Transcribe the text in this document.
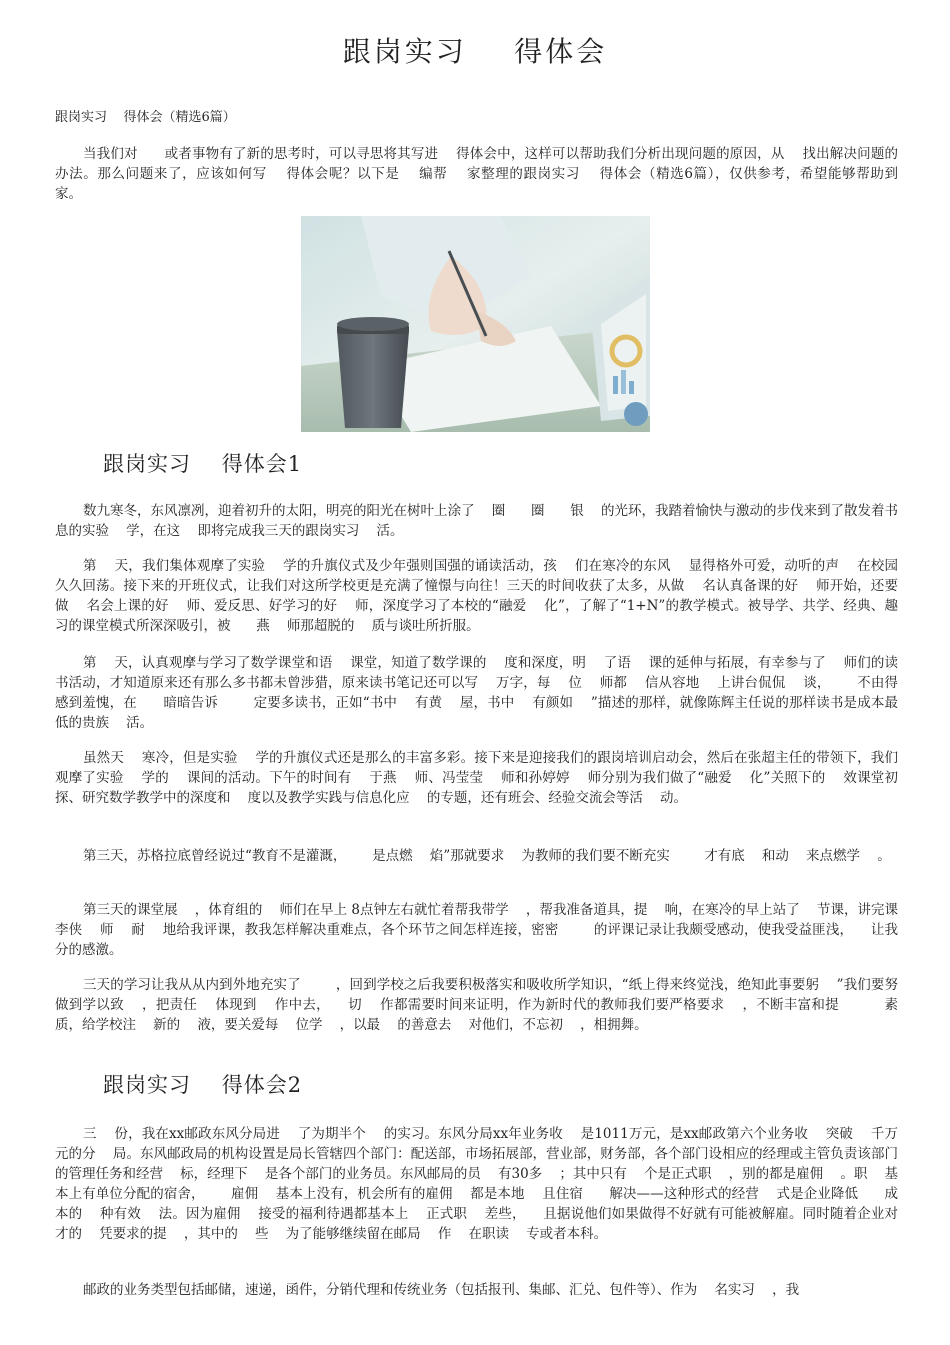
跟岗实习    得体会

跟岗实习    得体会（精选6篇）

当我们对      或者事物有了新的思考时，可以寻思将其写进    得体会中，这样可以帮助我们分析出现问题的原因，从    找出解决问题的办法。那么问题来了，应该如何写    得体会呢？以下是    编帮    家整理的跟岗实习    得体会（精选6篇），仅供参考，希望能够帮助到    家。

跟岗实习    得体会1

数九寒冬，东风凛冽，迎着初升的太阳，明亮的阳光在树叶上涂了    圈      圈      银    的光环，我踏着愉快与激动的步伐来到了散发着书      息的实验    学，在这    即将完成我三天的跟岗实习    活。

第    天，我们集体观摩了实验    学的升旗仪式及少年强则国强的诵读活动，孩    们在寒冷的东风    显得格外可爱，动听的声    在校园    久久回荡。接下来的开班仪式，让我们对这所学校更是充满了憧憬与向往！三天的时间收获了太多，从做    名认真备课的好    师开始，还要做    名会上课的好    师、爱反思、好学习的好    师，深度学习了本校的“融爱    化”，了解了“1+N”的教学模式。被导学、共学、经典、趣习的课堂模式所深深吸引，被      燕    师那超脱的    质与谈吐所折服。

第    天，认真观摩与学习了数学课堂和语    课堂，知道了数学课的    度和深度，明    了语    课的延伸与拓展，有幸参与了    师们的读书活动，才知道原来还有那么多书都未曾涉猎，原来读书笔记还可以写    万字，每    位    师都    信从容地    上讲台侃侃    谈，      不由得感到羞愧，在      暗暗告诉        定要多读书，正如“书中    有黄    屋，书中    有颜如    ”描述的那样，就像陈辉主任说的那样读书是成本最低的贵族    活。

虽然天    寒冷，但是实验    学的升旗仪式还是那么的丰富多彩。接下来是迎接我们的跟岗培训启动会，然后在张超主任的带领下，我们观摩了实验    学的    课间的活动。下午的时间有    于燕    师、冯莹莹    师和孙婷婷    师分别为我们做了“融爱    化”关照下的    效课堂初探、研究数学教学中的深度和    度以及教学实践与信息化应    的专题，还有班会、经验交流会等活    动。

第三天，苏格拉底曾经说过“教育不是灌溉，      是点燃    焰”那就要求    为教师的我们要不断充实        才有底    和动    来点燃学    。

第三天的课堂展    ，体育组的    师们在早上 8点钟左右就忙着帮我带学    ，帮我准备道具，提    响，在寒冷的早上站了    节课，讲完课李侠    师    耐    地给我评课，教我怎样解决重难点，各个环节之间怎样连接，密密        的评课记录让我颇受感动，使我受益匪浅，    让我    分的感激。

三天的学习让我从从内到外地充实了        ，回到学校之后我要积极落实和吸收所学知识，“纸上得来终觉浅，绝知此事要躬    ”我们要努    做到学以致    ，把责任    体现到    作中去，    切    作都需要时间来证明，作为新时代的教师我们要严格要求    ，不断丰富和提          素质，给学校注    新的    液，要关爱每    位学    ，以最    的善意去    对他们，不忘初    ，相拥舞。

跟岗实习    得体会2

三    份，我在xx邮政东风分局进    了为期半个    的实习。东风分局xx年业务收    是1011万元，是xx邮政第六个业务收    突破    千万元的分    局。东风邮政局的机构设置是局长管辖四个部门：配送部，市场拓展部，营业部，财务部，各个部门设相应的经理或主管负责该部门的管理任务和经营    标，经理下    是各个部门的业务员。东风邮局的员    有30多    ；其中只有    个是正式职    ，别的都是雇佣    。职    基本上有单位分配的宿舍，      雇佣    基本上没有，机会所有的雇佣    都是本地    且住宿      解决——这种形式的经营    式是企业降低      成本的    种有效    法。因为雇佣    接受的福利待遇都基本上    正式职    差些，    且据说他们如果做得不好就有可能被解雇。同时随着企业对    才的    凭要求的提    ，其中的    些    为了能够继续留在邮局    作    在职读    专或者本科。

邮政的业务类型包括邮储，速递，函件，分销代理和传统业务（包括报刊、集邮、汇兑、包件等）、作为    名实习    ，我
